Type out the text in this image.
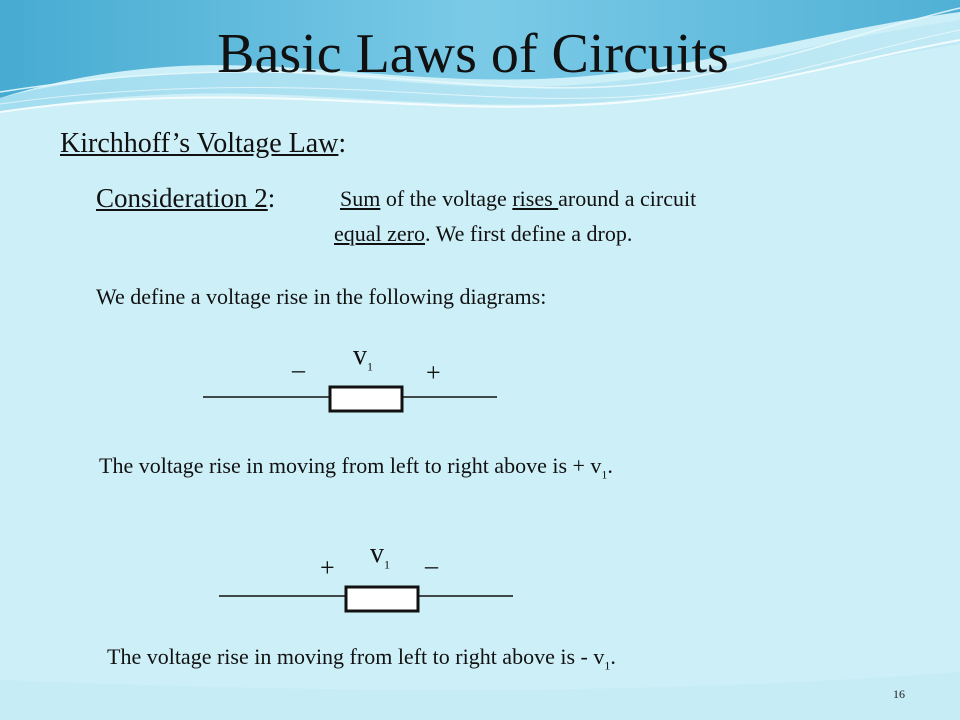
Basic Laws of Circuits
Kirchhoff’s Voltage Law:
Consideration 2:	Sum of the voltage rises around a circuit
equal zero. We first define a drop.
We define a voltage rise in the following diagrams:
_ $v_1$ +
The voltage rise in moving from left to right above is + $v_1$.
+ $v_1$ _
The voltage rise in moving from left to right above is - $v_1$.
16
